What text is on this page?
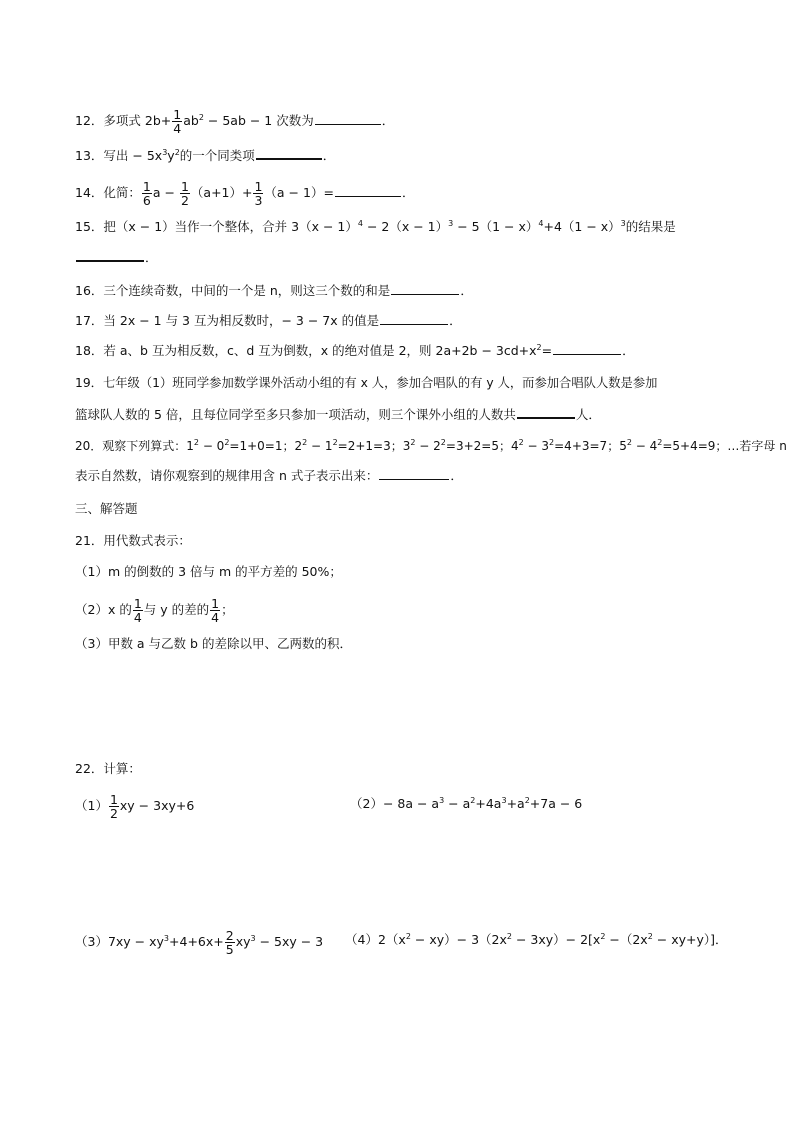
12．多项式 $2b+ \frac{1}{4} ab^2 - 5ab - 1$ 次数为	．
13．写出 − $5x^3y^2$的一个同类项	．
14．化简： $\frac{1}{6}$ $a - \frac{1}{2} (a+1)+ \frac{1}{3} (a - 1)=$	．
15．把（x − 1）当作一个整体，合并 $3(x - 1)^4 - 2(x - 1)^3 - 5(1 - x)^4+4(1 - x)^3$的结果是
．
16．三个连续奇数，中间的一个是 n，则这三个数的和是	．
17．当 2x − 1 与 3 互为相反数时，− 3 − 7x 的值是	．
18．若 a、b 互为相反数，c、d 互为倒数，x 的绝对值是 2，则 $2a+2b - 3cd+x^2=$	．
19．七年级（1）班同学参加数学课外活动小组的有 x 人，参加合唱队的有 y 人，而参加合唱队人数是参加
篮球队人数的 5 倍，且每位同学至多只参加一项活动，则三个课外小组的人数共	人．
20．观察下列算式：$1^2 - 0^2=1+0=1$；$2^2 - 1^2=2+1=3$；$3^2 - 2^2=3+2=5$；$4^2 - 3^2=4+3=7$；$5^2 - 4^2=5+4=9$；…若字母 n
表示自然数，请你观察到的规律用含 n 式子表示出来：	．
三、解答题
21．用代数式表示：
（1）m 的倒数的 3 倍与 m 的平方差的 50%；
（2）x 的 $\frac{1}{4}$ 与 y 的差的 $\frac{1}{4}$ ；
（3）甲数 a 与乙数 b 的差除以甲、乙两数的积．
22．计算：
$(1) \frac{1}{2}$ xy − 3xy+6	$(2)- 8a - a^3 - a^2+4a^3+a^2+7a - 6$
$(3)7xy - xy^3+4+6x+ \frac{2}{5} xy^3 - 5xy - 3$ $(4)2(x^2 - xy)- 3(2x^2 - 3xy)- 2[x^2 -(2x^2 - xy+y)]$．
